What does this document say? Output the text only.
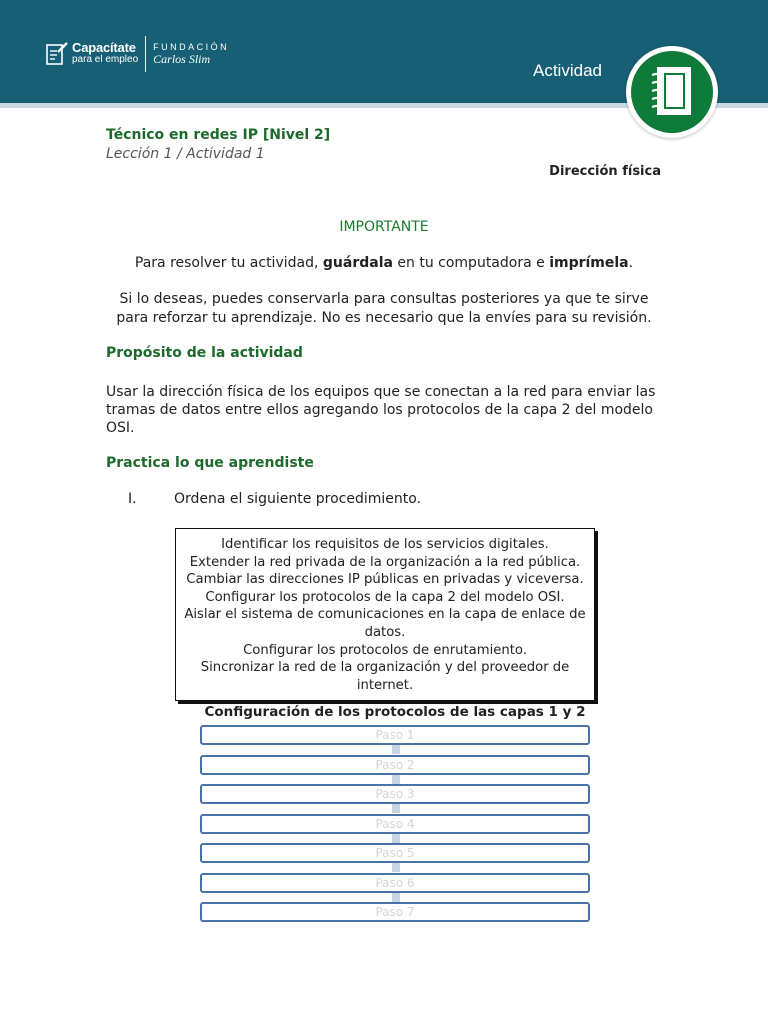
Capacítate
para el empleo
FUNDACIÓN
Carlos Slim
Actividad
Técnico en redes IP [Nivel 2]
Lección 1 / Actividad 1
Dirección física
IMPORTANTE
Para resolver tu actividad, guárdala en tu computadora e imprímela.
Si lo deseas, puedes conservarla para consultas posteriores ya que te sirve para reforzar tu aprendizaje. No es necesario que la envíes para su revisión.
Propósito de la actividad
Usar la dirección física de los equipos que se conectan a la red para enviar las tramas de datos entre ellos agregando los protocolos de la capa 2 del modelo OSI.
Practica lo que aprendiste
I.	Ordena el siguiente procedimiento.
Identificar los requisitos de los servicios digitales.
Extender la red privada de la organización a la red pública.
Cambiar las direcciones IP públicas en privadas y viceversa.
Configurar los protocolos de la capa 2 del modelo OSI.
Aislar el sistema de comunicaciones en la capa de enlace de datos.
Configurar los protocolos de enrutamiento.
Sincronizar la red de la organización y del proveedor de internet.
Configuración de los protocolos de las capas 1 y 2
Paso 1
Paso 2
Paso 3
Paso 4
Paso 5
Paso 6
Paso 7
